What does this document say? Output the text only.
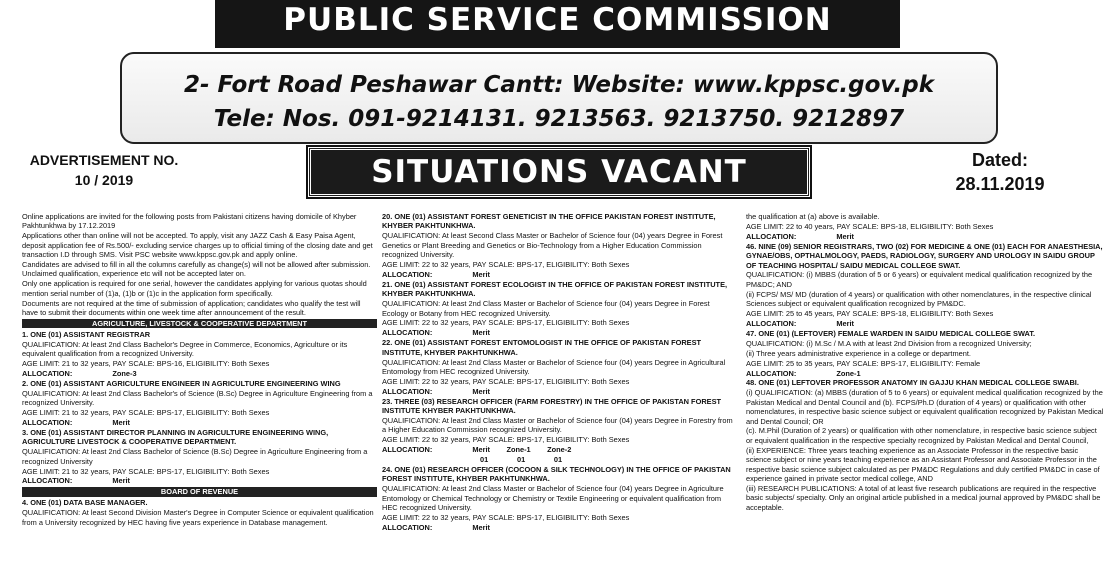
PUBLIC SERVICE COMMISSION
2- Fort Road Peshawar Cantt: Website: www.kppsc.gov.pk
Tele: Nos. 091-9214131. 9213563. 9213750. 9212897
ADVERTISEMENT NO.
10 / 2019	SITUATIONS VACANT	Dated:
28.11.2019

Online applications are invited for the following posts from Pakistani citizens having domicile of Khyber Pakhtunkhwa by 17.12.2019

Applications other than online will not be accepted. To apply, visit any JAZZ Cash & Easy Paisa Agent, deposit application fee of Rs.500/- excluding service charges up to official timing of the closing date and get transaction I.D through SMS. Visit PSC website www.kppsc.gov.pk and apply online.

Candidates are advised to fill in all the columns carefully as change(s) will not be allowed after submission. Unclaimed qualification, experience etc will not be accepted later on.

Only one application is required for one serial, however the candidates applying for various quotas should mention serial number of (1)a, (1)b or (1)c in the application form specifically.

Documents are not required at the time of submission of application; candidates who qualify the test will have to submit their documents within one week time after announcement of the result.

AGRICULTURE, LIVESTOCK & COOPERATIVE DEPARTMENT

1. ONE (01) ASSISTANT REGISTRAR

QUALIFICATION: At least 2nd Class Bachelor's Degree in Commerce, Economics, Agriculture or its equivalent qualification from a recognized University.

AGE LIMIT: 21 to 32 years, PAY SCALE: BPS-16, ELIGIBILITY: Both Sexes

ALLOCATION:	Zone-3

2. ONE (01) ASSISTANT AGRICULTURE ENGINEER IN AGRICULTURE ENGINEERING WING

QUALIFICATION: At least 2nd Class Bachelor's of Science (B.Sc) Degree in Agriculture Engineering from a recognized University.

AGE LIMIT: 21 to 32 years, PAY SCALE: BPS-17, ELIGIBILITY: Both Sexes

ALLOCATION:	Merit

3. ONE (01) ASSISTANT DIRECTOR PLANNING IN AGRICULTURE ENGINEERING WING, AGRICULTURE LIVESTOCK & COOPERATIVE DEPARTMENT.

QUALIFICATION: At least 2nd Class Bachelor of Science (B.Sc) Degree in Agriculture Engineering from a recognized University

AGE LIMIT: 21 to 32 years, PAY SCALE: BPS-17, ELIGIBILITY: Both Sexes

ALLOCATION:	Merit

BOARD OF REVENUE

4. ONE (01) DATA BASE MANAGER.

QUALIFICATION: At least Second Division Master's Degree in Computer Science or equivalent qualification from a University recognized by HEC having five years experience in Database management.

20. ONE (01) ASSISTANT FOREST GENETICIST IN THE OFFICE PAKISTAN FOREST INSTITUTE, KHYBER PAKHTUNKHWA.

QUALIFICATION: At least Second Class Master or Bachelor of Science four (04) years Degree in Forest Genetics or Plant Breeding and Genetics or Bio-Technology from a Higher Education Commission recognized University.

AGE LIMIT: 22 to 32 years, PAY SCALE: BPS-17, ELIGIBILITY: Both Sexes

ALLOCATION:	Merit

21. ONE (01) ASSISTANT FOREST ECOLOGIST IN THE OFFICE OF PAKISTAN FOREST INSTITUTE, KHYBER PAKHTUNKHWA.

QUALIFICATION: At least 2nd Class Master or Bachelor of Science four (04) years Degree in Forest Ecology or Botany from HEC recognized University.

AGE LIMIT: 22 to 32 years, PAY SCALE: BPS-17, ELIGIBILITY: Both Sexes

ALLOCATION:	Merit

22. ONE (01) ASSISTANT FOREST ENTOMOLOGIST IN THE OFFICE OF PAKISTAN FOREST INSTITUTE, KHYBER PAKHTUNKHWA.

QUALIFICATION: At least 2nd Class Master or Bachelor of Science four (04) years Degree in Agricultural Entomology from HEC recognized University.

AGE LIMIT: 22 to 32 years, PAY SCALE: BPS-17, ELIGIBILITY: Both Sexes

ALLOCATION:	Merit

23. THREE (03) RESEARCH OFFICER (FARM FORESTRY) IN THE OFFICE OF PAKISTAN FOREST INSTITUTE KHYBER PAKHTUNKHWA.

QUALIFICATION: At least 2nd Class Master or Bachelor of Science four (04) years Degree in Forestry from a Higher Education Commission recognized University.

AGE LIMIT: 22 to 32 years, PAY SCALE: BPS-17, ELIGIBILITY: Both Sexes

ALLOCATION:	Merit        Zone-1        Zone-2

01              01              01

24. ONE (01) RESEARCH OFFICER (COCOON & SILK TECHNOLOGY) IN THE OFFICE OF PAKISTAN FOREST INSTITUTE, KHYBER PAKHTUNKHWA.

QUALIFICATION: At least 2nd Class Master or Bachelor of Science four (04) years Degree in Agriculture Entomology or Chemical Technology or Chemistry or Textile Engineering or equivalent qualification from HEC recognized University.

AGE LIMIT: 22 to 32 years, PAY SCALE: BPS-17, ELIGIBILITY: Both Sexes

ALLOCATION:	Merit

the qualification at (a) above is available.

AGE LIMIT: 22 to 40 years, PAY SCALE: BPS-18, ELIGIBILITY: Both Sexes

ALLOCATION:	Merit

46. NINE (09) SENIOR REGISTRARS, TWO (02) FOR MEDICINE & ONE (01) EACH FOR ANAESTHESIA, GYNAE/OBS, OPTHALMOLOGY, PAEDS, RADIOLOGY, SURGERY AND UROLOGY IN SAIDU GROUP OF TEACHING HOSPITAL/ SAIDU MEDICAL COLLEGE SWAT.

QUALIFICATION: (i) MBBS (duration of 5 or 6 years) or equivalent medical qualification recognized by the PM&DC; AND

(ii) FCPS/ MS/ MD (duration of 4 years) or qualification with other nomenclatures, in the respective clinical Sciences subject or equivalent qualification recognized by PM&DC.

AGE LIMIT: 25 to 45 years, PAY SCALE: BPS-18, ELIGIBILITY: Both Sexes

ALLOCATION:	Merit

47. ONE (01) (LEFTOVER) FEMALE WARDEN IN SAIDU MEDICAL COLLEGE SWAT.

QUALIFICATION: (i) M.Sc / M.A with at least 2nd Division from a recognized University;

(ii) Three years administrative experience in a college or department.

AGE LIMIT: 25 to 35 years, PAY SCALE: BPS-17, ELIGIBILITY: Female

ALLOCATION:	Zone-1

48. ONE (01) LEFTOVER PROFESSOR ANATOMY IN GAJJU KHAN MEDICAL COLLEGE SWABI.

(i) QUALIFICATION: (a) MBBS (duration of 5 to 6 years) or equivalent medical qualification recognized by the Pakistan Medical and Dental Council and (b). FCPS/Ph.D (duration of 4 years) or qualification with other nomenclatures, in respective basic science subject or equivalent qualification recognized by Pakistan Medical and Dental Council; OR

(c). M.Phil (Duration of 2 years) or qualification with other nomenclature, in respective basic science subject or equivalent qualification in the respective specialty recognized by Pakistan Medical and Dental Council,

(ii) EXPERIENCE: Three years teaching experience as an Associate Professor in the respective basic science subject or nine years teaching experience as an Assistant Professor and Associate Professor in the respective basic science subject calculated as per PM&DC Regulations and duly certified PM&DC in case of experience gained in private sector medical college, AND

(iii) RESEARCH PUBLICATIONS: A total of at least five research publications are required in the respective basic subjects/ specialty. Only an original article published in a medical journal approved by PM&DC shall be acceptable.
